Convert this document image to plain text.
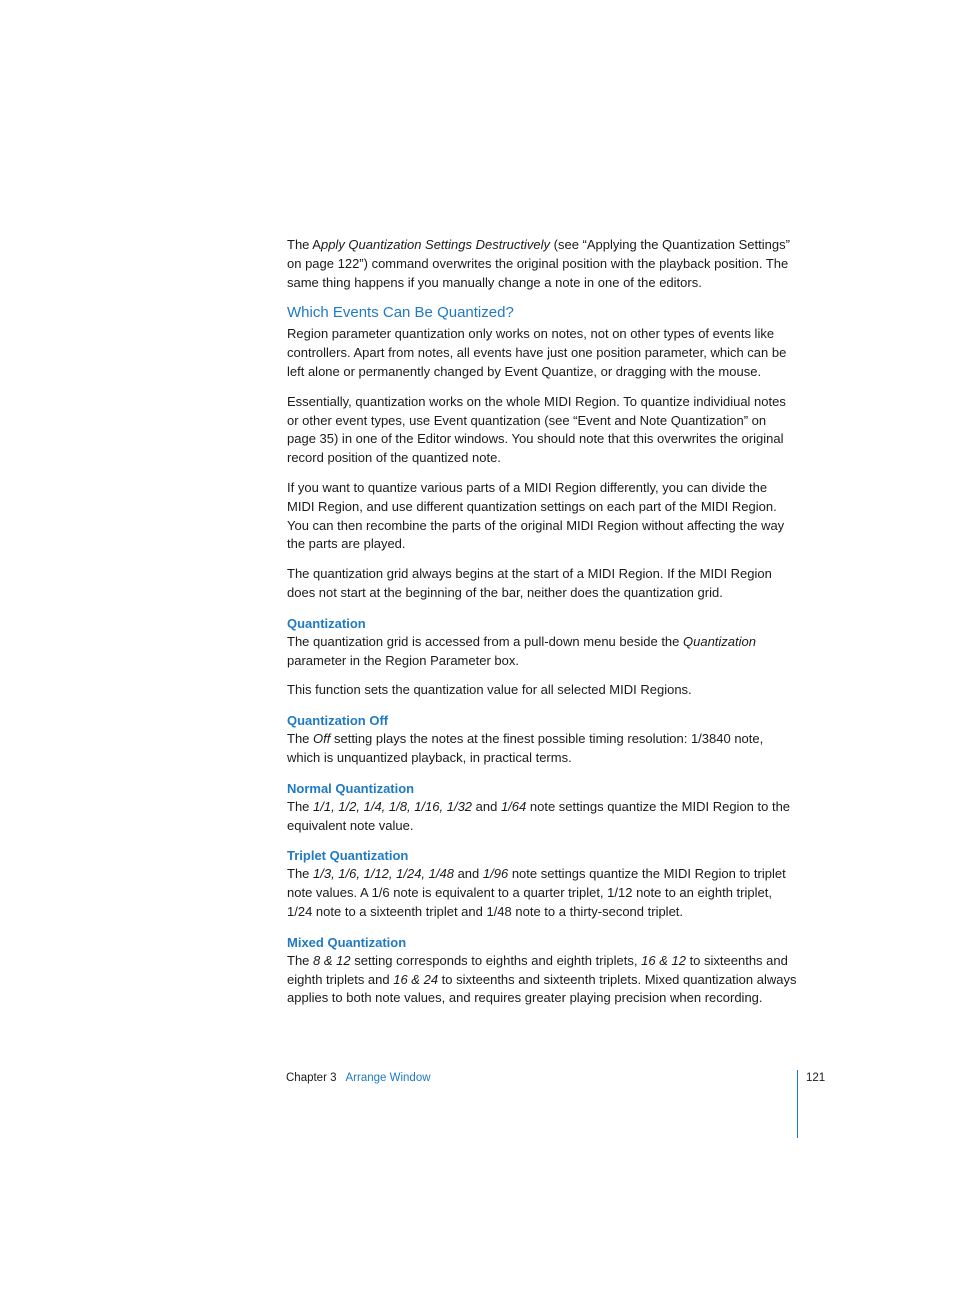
The Apply Quantization Settings Destructively (see “Applying the Quantization Settings” on page 122”) command overwrites the original position with the playback position. The same thing happens if you manually change a note in one of the editors.

Which Events Can Be Quantized?

Region parameter quantization only works on notes, not on other types of events like controllers. Apart from notes, all events have just one position parameter, which can be left alone or permanently changed by Event Quantize, or dragging with the mouse.

Essentially, quantization works on the whole MIDI Region. To quantize individiual notes or other event types, use Event quantization (see “Event and Note Quantization” on page 35) in one of the Editor windows. You should note that this overwrites the original record position of the quantized note.

If you want to quantize various parts of a MIDI Region differently, you can divide the MIDI Region, and use different quantization settings on each part of the MIDI Region. You can then recombine the parts of the original MIDI Region without affecting the way the parts are played.

The quantization grid always begins at the start of a MIDI Region. If the MIDI Region does not start at the beginning of the bar, neither does the quantization grid.

Quantization

The quantization grid is accessed from a pull-down menu beside the Quantization parameter in the Region Parameter box.

This function sets the quantization value for all selected MIDI Regions.

Quantization Off

The Off setting plays the notes at the finest possible timing resolution: 1/3840 note, which is unquantized playback, in practical terms.

Normal Quantization

The 1/1, 1/2, 1/4, 1/8, 1/16, 1/32 and 1/64 note settings quantize the MIDI Region to the equivalent note value.

Triplet Quantization

The 1/3, 1/6, 1/12, 1/24, 1/48 and 1/96 note settings quantize the MIDI Region to triplet note values. A 1/6 note is equivalent to a quarter triplet, 1/12 note to an eighth triplet, 1/24 note to a sixteenth triplet and 1/48 note to a thirty-second triplet.

Mixed Quantization

The 8 & 12 setting corresponds to eighths and eighth triplets, 16 & 12 to sixteenths and eighth triplets and 16 & 24 to sixteenths and sixteenth triplets. Mixed quantization always applies to both note values, and requires greater playing precision when recording.

Chapter 3 Arrange Window	121
